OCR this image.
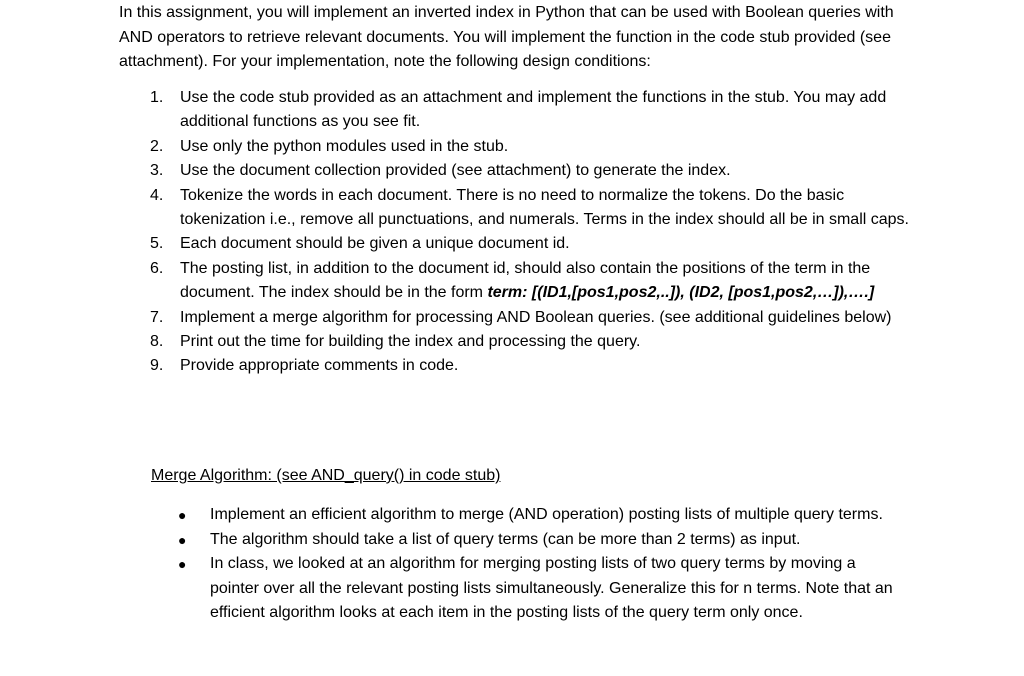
In this assignment, you will implement an inverted index in Python that can be used with Boolean queries with AND operators to retrieve relevant documents. You will implement the function in the code stub provided (see attachment). For your implementation, note the following design conditions:

1.	Use the code stub provided as an attachment and implement the functions in the stub. You may add additional functions as you see fit.
2.	Use only the python modules used in the stub.
3.	Use the document collection provided (see attachment) to generate the index.
4.	Tokenize the words in each document. There is no need to normalize the tokens. Do the basic tokenization i.e., remove all punctuations, and numerals. Terms in the index should all be in small caps.
5.	Each document should be given a unique document id.
6.	The posting list, in addition to the document id, should also contain the positions of the term in the document. The index should be in the form term: [(ID1,[pos1,pos2,..]), (ID2, [pos1,pos2,…]),….]
7.	Implement a merge algorithm for processing AND Boolean queries. (see additional guidelines below)
8.	Print out the time for building the index and processing the query.
9.	Provide appropriate comments in code.

Merge Algorithm: (see AND_query() in code stub)

● Implement an efficient algorithm to merge (AND operation) posting lists of multiple query terms.
● The algorithm should take a list of query terms (can be more than 2 terms) as input.
● In class, we looked at an algorithm for merging posting lists of two query terms by moving a pointer over all the relevant posting lists simultaneously. Generalize this for n terms. Note that an efficient algorithm looks at each item in the posting lists of the query term only once.
